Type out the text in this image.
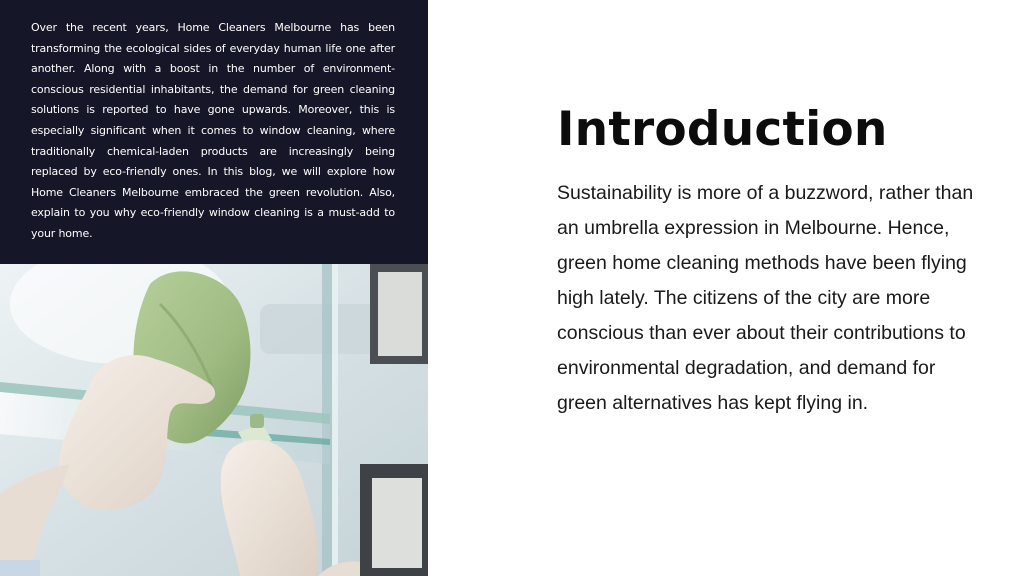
Over the recent years, Home Cleaners Melbourne has been transforming the ecological sides of everyday human life one after another. Along with a boost in the number of environment-conscious residential inhabitants, the demand for green cleaning solutions is reported to have gone upwards. Moreover, this is especially significant when it comes to window cleaning, where traditionally chemical-laden products are increasingly being replaced by eco-friendly ones. In this blog, we will explore how Home Cleaners Melbourne embraced the green revolution. Also, explain to you why eco-friendly window cleaning is a must-add to your home.

Introduction

Sustainability is more of a buzzword, rather than an umbrella expression in Melbourne. Hence, green home cleaning methods have been flying high lately. The citizens of the city are more conscious than ever about their contributions to environmental degradation, and demand for green alternatives has kept flying in.
